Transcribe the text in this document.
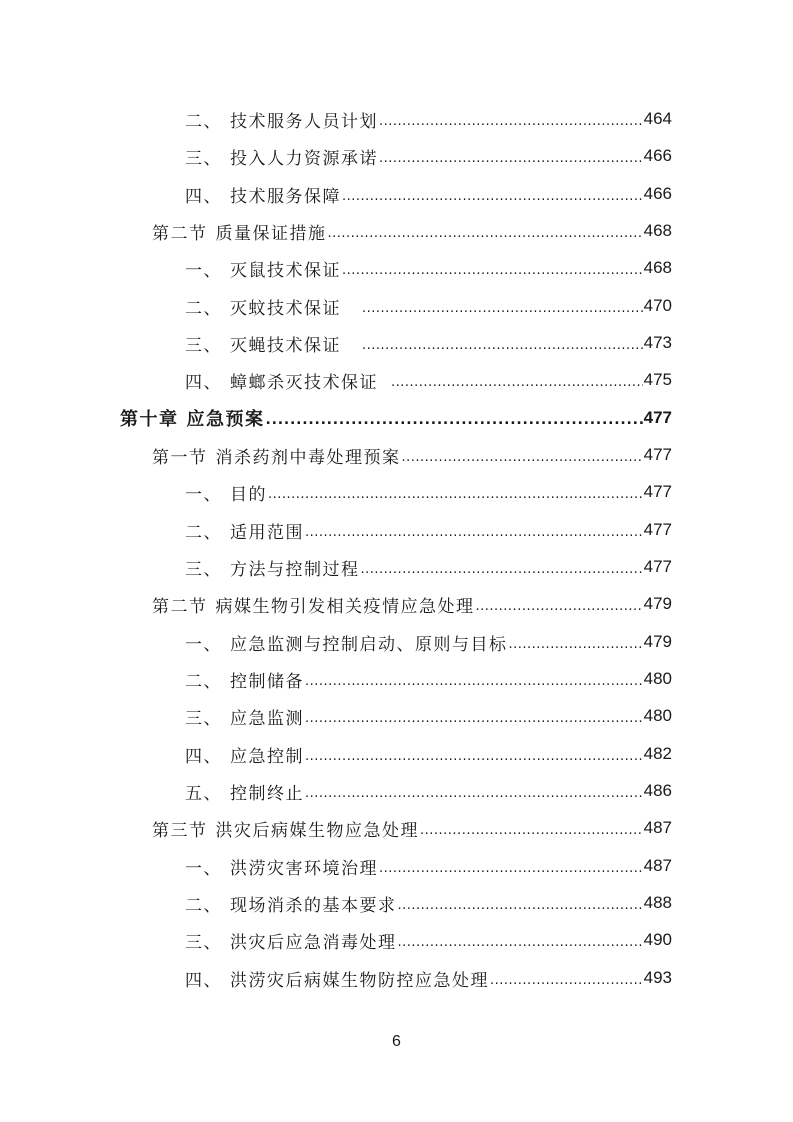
二、 技术服务人员计划 .....	464
三、 投入人力资源承诺 .....	466
四、 技术服务保障 .....	466
第二节 质量保证措施 .....	468
一、 灭鼠技术保证 .....	468
二、 灭蚊技术保证 .....	470
三、 灭蝇技术保证 .....	473
四、 蟑螂杀灭技术保证 .....	475
第十章 应急预案 .....	477
第一节 消杀药剂中毒处理预案 .....	477
一、 目的 .....	477
二、 适用范围 .....	477
三、 方法与控制过程 .....	477
第二节 病媒生物引发相关疫情应急处理 .....	479
一、 应急监测与控制启动、原则与目标 .....	479
二、 控制储备 .....	480
三、 应急监测 .....	480
四、 应急控制 .....	482
五、 控制终止 .....	486
第三节 洪灾后病媒生物应急处理 .....	487
一、 洪涝灾害环境治理 .....	487
二、 现场消杀的基本要求 .....	488
三、 洪灾后应急消毒处理 .....	490
四、 洪涝灾后病媒生物防控应急处理 .....	493
6
